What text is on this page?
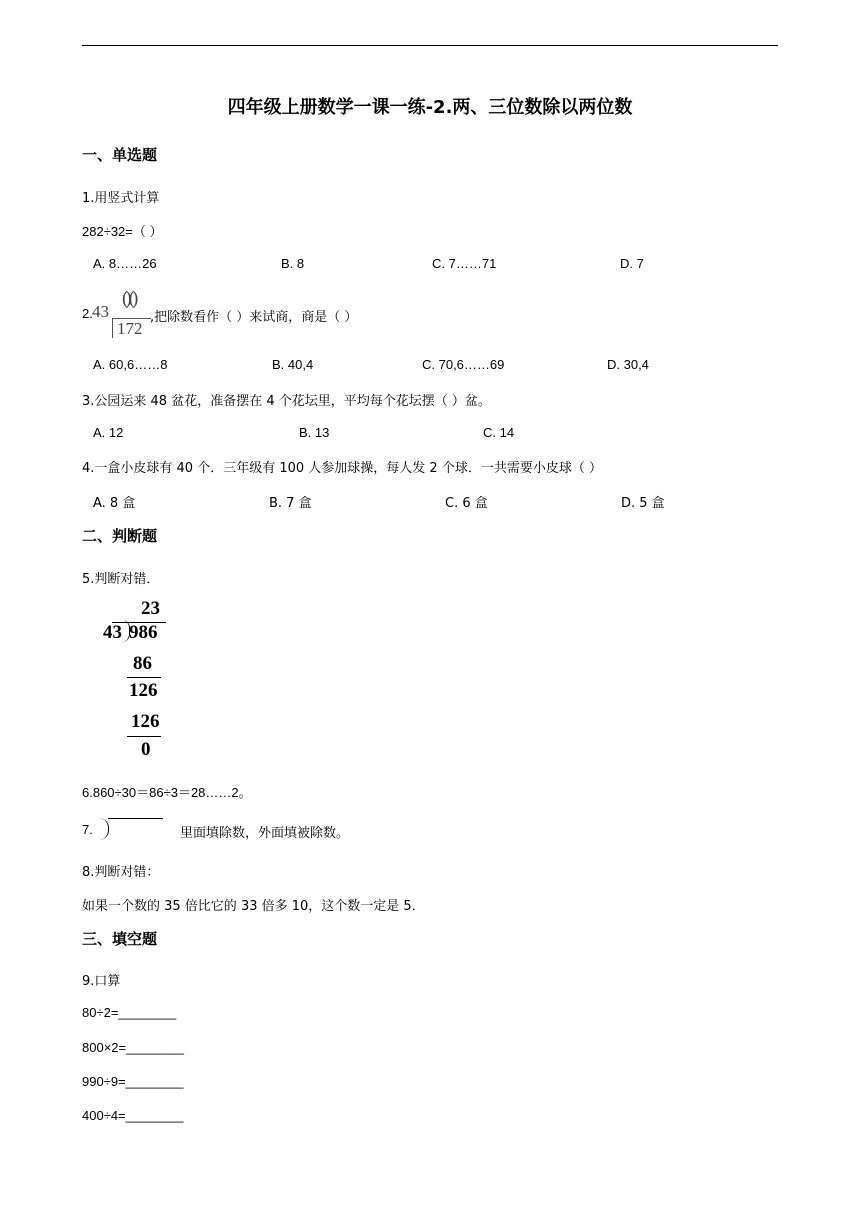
四年级上册数学一课一练-2.两、三位数除以两位数
一、单选题
1.用竖式计算
282÷32=（ ）
A. 8……26	B. 8	C. 7……71	D. 7
2. 43
()()
172
,把除数看作（ ）来试商，商是（ ）
A. 60,6……8	B. 40,4	C. 70,6……69	D. 30,4
3.公园运来 48 盆花，准备摆在 4 个花坛里，平均每个花坛摆（ ）盆。
A. 12	B. 13	C. 14
4.一盒小皮球有 40 个．三年级有 100 人参加球操，每人发 2 个球．一共需要小皮球（ ）
A. 8 盒	B. 7 盒	C. 6 盒	D. 5 盒
二、判断题
5.判断对错．
23
43 986
86
126
126
0
6.860÷30＝86÷3＝28……2。
7.	里面填除数，外面填被除数。
8.判断对错：
如果一个数的 35 倍比它的 33 倍多 10，这个数一定是 5．
三、填空题
9.口算
80÷2=________
800×2=________
990÷9=________
400÷4=________
